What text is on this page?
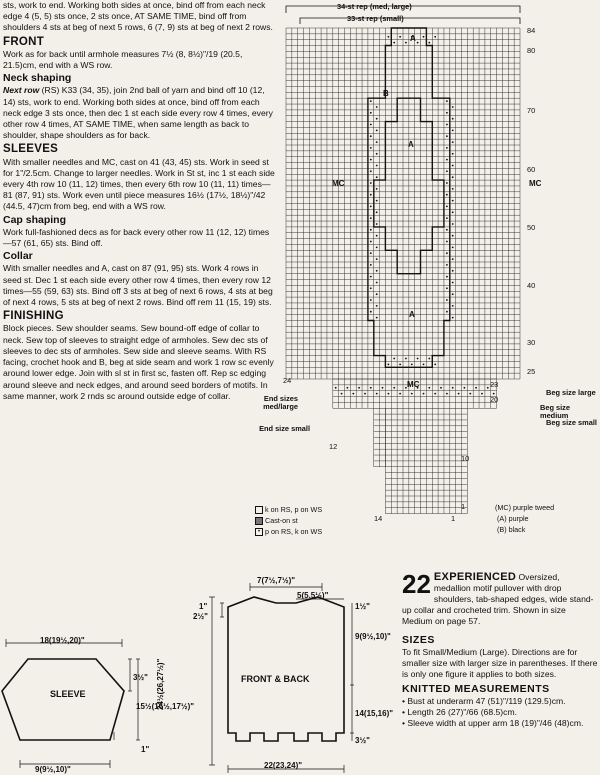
sts, work to end. Working both sides at once, bind off from each neck edge 4 (5, 5) sts once, 2 sts once, AT SAME TIME, bind off from shoulders 4 sts at beg of next 5 rows, 6 (7, 9) sts at beg of next 2 rows.

FRONT

Work as for back until armhole measures 7½ (8, 8½)"/19 (20.5, 21.5)cm, end with a WS row.

Neck shaping

Next row (RS) K33 (34, 35), join 2nd ball of yarn and bind off 10 (12, 14) sts, work to end. Working both sides at once, bind off from each neck edge 3 sts once, then dec 1 st each side every row 4 times, every other row 4 times, AT SAME TIME, when same length as back to shoulder, shape shoulders as for back.

SLEEVES

With smaller needles and MC, cast on 41 (43, 45) sts. Work in seed st for 1"/2.5cm. Change to larger needles. Work in St st, inc 1 st each side every 4th row 10 (11, 12) times, then every 6th row 10 (11, 11) times—81 (87, 91) sts. Work even until piece measures 16½ (17½, 18½)"/42 (44.5, 47)cm from beg, end with a WS row.

Cap shaping

Work full-fashioned decs as for back every other row 11 (12, 12) times—57 (61, 65) sts. Bind off.

Collar

With smaller needles and A, cast on 87 (91, 95) sts. Work 4 rows in seed st. Dec 1 st each side every other row 4 times, then every row 12 times—55 (59, 63) sts. Bind off 3 sts at beg of next 6 rows, 4 sts at beg of next 4 rows, 5 sts at beg of next 2 rows. Bind off rem 11 (15, 19) sts.

FINISHING

Block pieces. Sew shoulder seams. Sew bound-off edge of collar to neck. Sew top of sleeves to straight edge of armholes. Sew dec sts of sleeves to dec sts of armholes. Sew side and sleeve seams. With RS facing, crochet hook and B, beg at side seam and work 1 row sc evenly around lower edge. Join with sl st in first sc, fasten off. Rep sc edging around sleeve and neck edges, and around seed borders of motifs. In same manner, work 2 rnds sc around outside edge of collar.

34-st rep (med, large)
33-st rep (small)
84
80
70
60
50
40
30
25
24	23
20
12
10
1
14	1
A
B
A
A
MC	MC
MC
End sizes med/large
End size small
Beg size large
Beg size medium
Beg size small
k on RS, p on WS
Cast-on st
• p on RS, k on WS
(MC) purple tweed
(A) purple
(B) black
18(19½,20)"
3½"
15½(16½,17½)"
SLEEVE
1"
9(9½,10)"
7(7½,7½)"
5(5,5½)"
1"
2½"
1½"
9(9½,10)"
FRONT & BACK
24½(26,27½)"
14(15,16)"
3½"
22(23,24)"
22 EXPERIENCED Oversized, medallion motif pullover with drop shoulders, tab-shaped edges, wide stand-up collar and crocheted trim. Shown in size Medium on page 57.
SIZES

To fit Small/Medium (Large). Directions are for smaller size with larger size in parentheses. If there is only one figure it applies to both sizes.

KNITTED MEASUREMENTS

• Bust at underarm 47 (51)"/119 (129.5)cm.

• Length 26 (27)"/66 (68.5)cm.

• Sleeve width at upper arm 18 (19)"/46 (48)cm.
